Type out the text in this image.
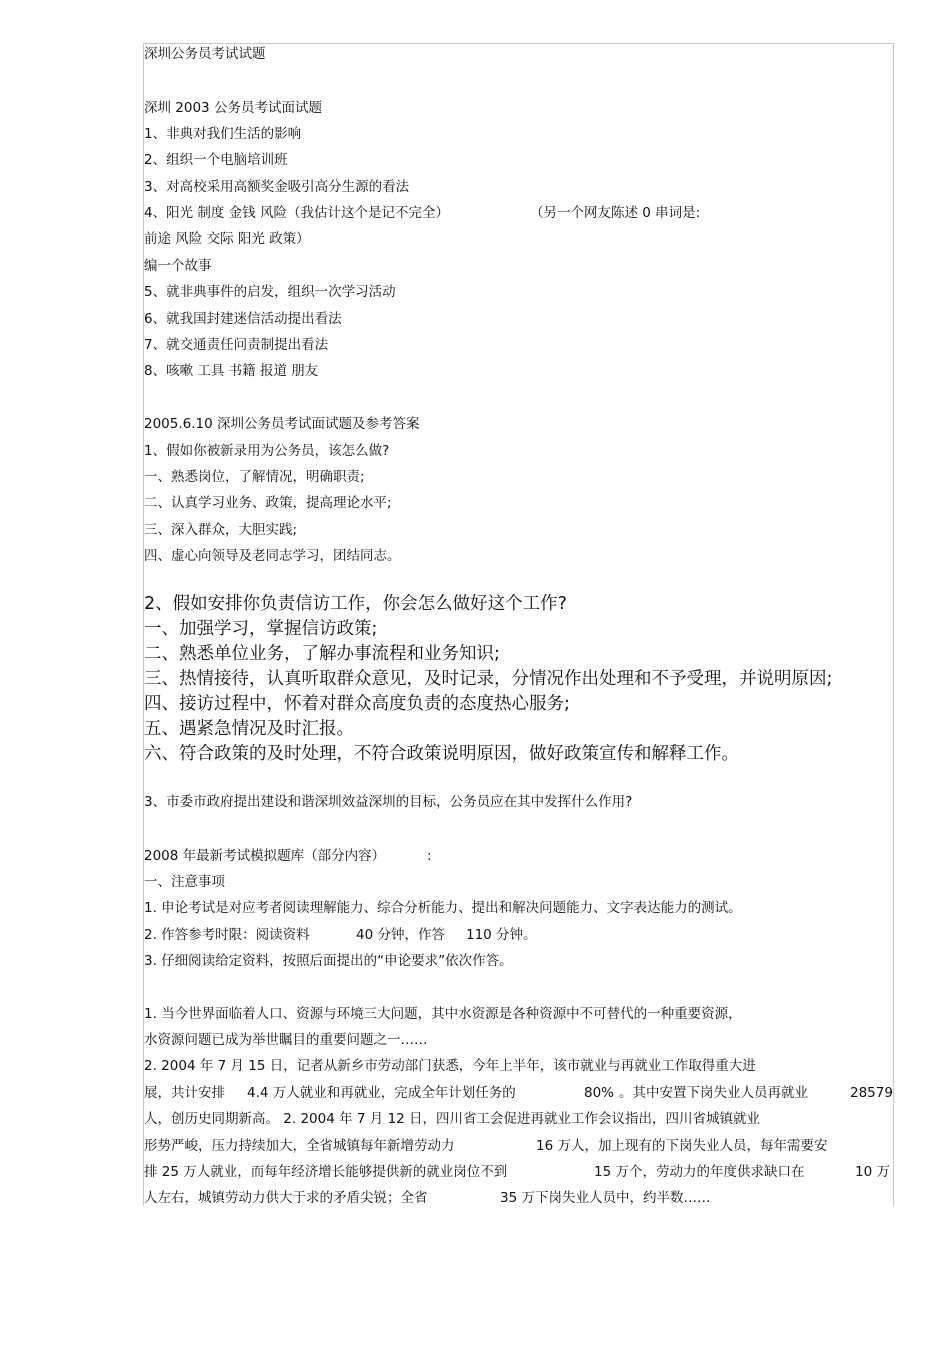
深圳公务员考试试题
深圳 2003 公务员考试面试题
1、非典对我们生活的影响
2、组织一个电脑培训班
3、对高校采用高额奖金吸引高分生源的看法
4、阳光 制度 金钱 风险（我估计这个是记不完全）	（另一个网友陈述 0 串词是:
前途 风险 交际 阳光 政策）
编一个故事
5、就非典事件的启发，组织一次学习活动
6、就我国封建迷信活动提出看法
7、就交通责任问责制提出看法
8、咳嗽 工具 书籍 报道 朋友
2005.6.10 深圳公务员考试面试题及参考答案
1、假如你被新录用为公务员，该怎么做?
一、熟悉岗位，了解情况，明确职责;
二、认真学习业务、政策，提高理论水平;
三、深入群众，大胆实践;
四、虚心向领导及老同志学习，团结同志。
2、假如安排你负责信访工作，你会怎么做好这个工作?
一、加强学习，掌握信访政策;
二、熟悉单位业务，了解办事流程和业务知识;
三、热情接待，认真听取群众意见，及时记录，分情况作出处理和不予受理，并说明原因;
四、接访过程中，怀着对群众高度负责的态度热心服务;
五、遇紧急情况及时汇报。
六、符合政策的及时处理，不符合政策说明原因，做好政策宣传和解释工作。
3、市委市政府提出建设和谐深圳效益深圳的目标，公务员应在其中发挥什么作用?
2008 年最新考试模拟题库（部分内容）	:
一、注意事项
1. 申论考试是对应考者阅读理解能力、综合分析能力、提出和解决问题能力、文字表达能力的测试。
2. 作答参考时限：阅读资料	40 分钟，作答 110 分钟。
3. 仔细阅读给定资料，按照后面提出的“申论要求”依次作答。
1. 当今世界面临着人口、资源与环境三大问题，其中水资源是各种资源中不可替代的一种重要资源，
水资源问题已成为举世瞩目的重要问题之一……
2. 2004 年 7 月 15 日，记者从新乡市劳动部门获悉，今年上半年，该市就业与再就业工作取得重大进
展，共计安排 4.4 万人就业和再就业，完成全年计划任务的	80% 。其中安置下岗失业人员再就业	28579
人，创历史同期新高。 2. 2004 年 7 月 12 日，四川省工会促进再就业工作会议指出，四川省城镇就业
形势严峻，压力持续加大，全省城镇每年新增劳动力	16 万人，加上现有的下岗失业人员，每年需要安
排 25 万人就业，而每年经济增长能够提供新的就业岗位不到	15 万个，劳动力的年度供求缺口在	10 万
人左右，城镇劳动力供大于求的矛盾尖锐；全省	35 万下岗失业人员中，约半数……
